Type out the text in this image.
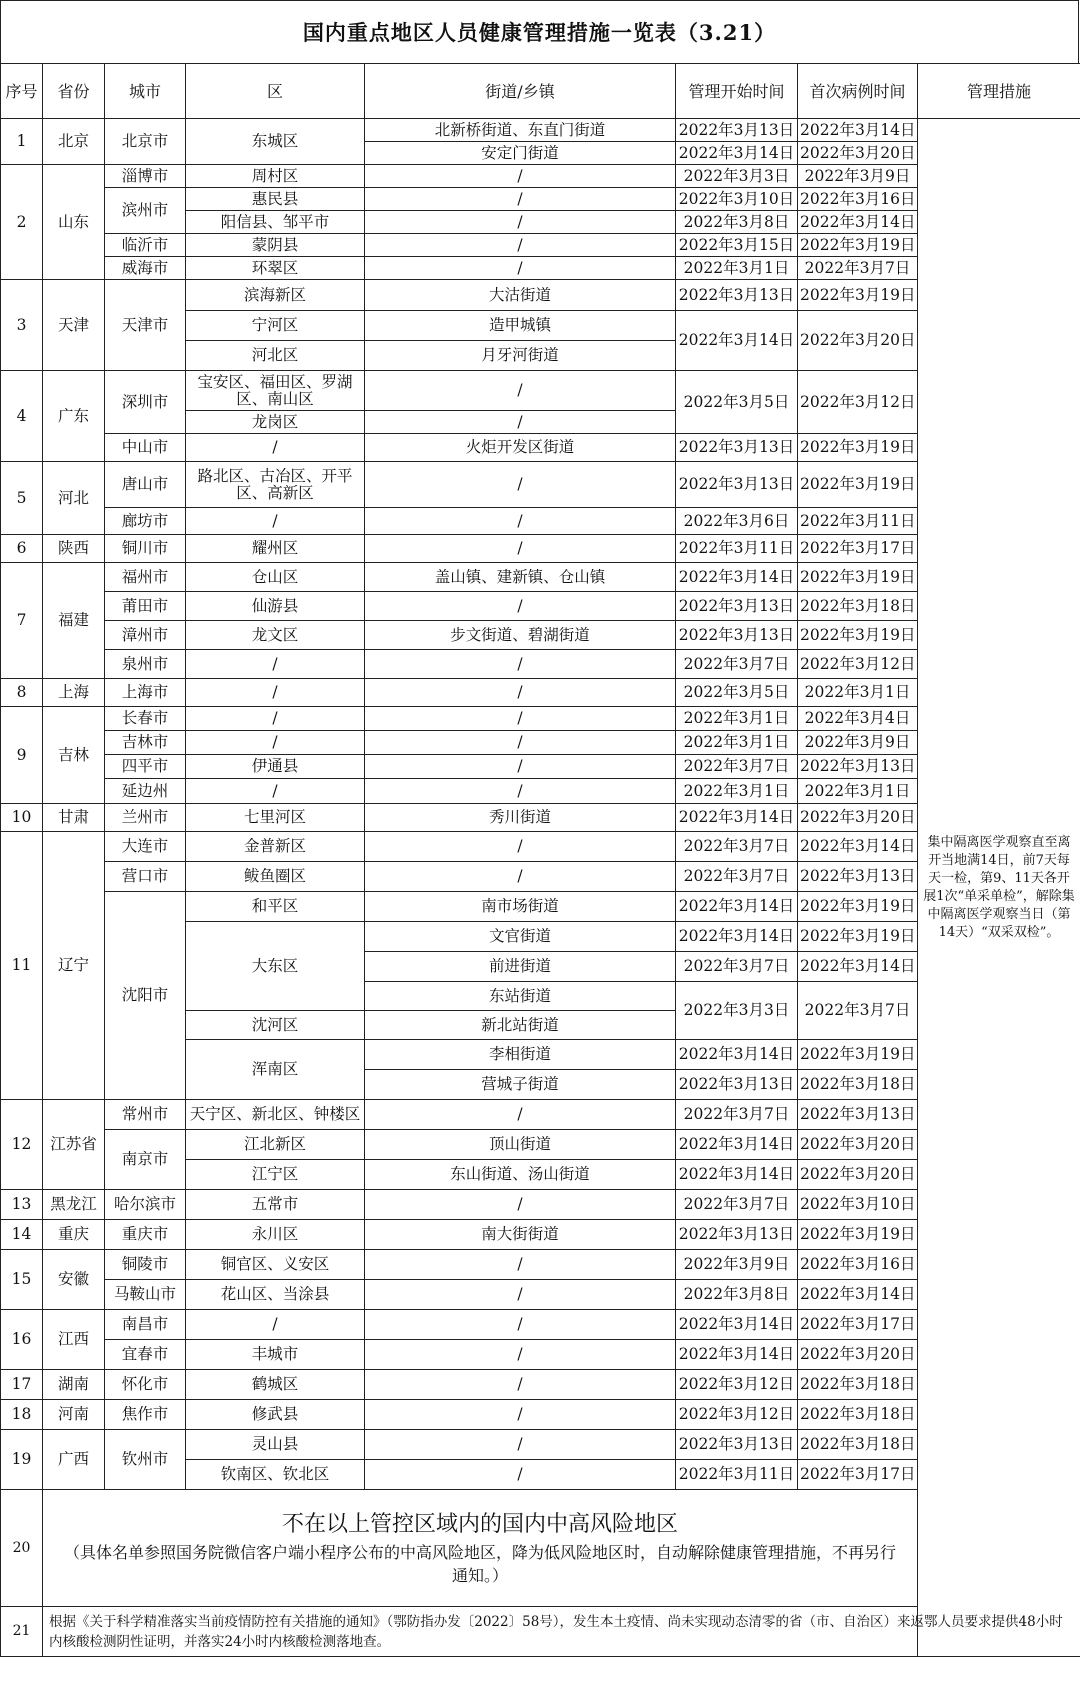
国内重点地区人员健康管理措施一览表（3.21）
序号	省份	城市	区	街道/乡镇	管理开始时间	首次病例时间	管理措施
1	北京	北京市	东城区	北新桥街道、东直门街道	2022年3月13日	2022年3月14日	集中隔离医学观察直至离开当地满14日，前7天每天一检，第9、11天各开展1次“单采单检”，解除集中隔离医学观察当日（第14天）“双采双检”。
				安定门街道	2022年3月14日	2022年3月20日	
2	山东	淄博市	周村区	/	2022年3月3日	2022年3月9日	
		滨州市	惠民县	/	2022年3月10日	2022年3月16日	
			阳信县、邹平市	/	2022年3月8日	2022年3月14日	
		临沂市	蒙阴县	/	2022年3月15日	2022年3月19日	
		威海市	环翠区	/	2022年3月1日	2022年3月7日	
3	天津	天津市	滨海新区	大沽街道	2022年3月13日	2022年3月19日	
			宁河区	造甲城镇	2022年3月14日	2022年3月20日	
			河北区	月牙河街道			
4	广东	深圳市	宝安区、福田区、罗湖区、南山区	/	2022年3月5日	2022年3月12日	
			龙岗区	/			
		中山市	/	火炬开发区街道	2022年3月13日	2022年3月19日	
5	河北	唐山市	路北区、古冶区、开平区、高新区	/	2022年3月13日	2022年3月19日	
		廊坊市	/	/	2022年3月6日	2022年3月11日	
6	陕西	铜川市	耀州区	/	2022年3月11日	2022年3月17日	
7	福建	福州市	仓山区	盖山镇、建新镇、仓山镇	2022年3月14日	2022年3月19日	
		莆田市	仙游县	/	2022年3月13日	2022年3月18日	
		漳州市	龙文区	步文街道、碧湖街道	2022年3月13日	2022年3月19日	
		泉州市	/	/	2022年3月7日	2022年3月12日	
8	上海	上海市	/	/	2022年3月5日	2022年3月1日	
9	吉林	长春市	/	/	2022年3月1日	2022年3月4日	
		吉林市	/	/	2022年3月1日	2022年3月9日	
		四平市	伊通县	/	2022年3月7日	2022年3月13日	
		延边州	/	/	2022年3月1日	2022年3月1日	
10	甘肃	兰州市	七里河区	秀川街道	2022年3月14日	2022年3月20日	
11	辽宁	大连市	金普新区	/	2022年3月7日	2022年3月14日	
		营口市	鲅鱼圈区	/	2022年3月7日	2022年3月13日	
		沈阳市	和平区	南市场街道	2022年3月14日	2022年3月19日	
			大东区	文官街道	2022年3月14日	2022年3月19日	
				前进街道	2022年3月7日	2022年3月14日	
				东站街道	2022年3月3日	2022年3月7日	
			沈河区	新北站街道			
			浑南区	李相街道	2022年3月14日	2022年3月19日	
				营城子街道	2022年3月13日	2022年3月18日	
12	江苏省	常州市	天宁区、新北区、钟楼区	/	2022年3月7日	2022年3月13日	
		南京市	江北新区	顶山街道	2022年3月14日	2022年3月20日	
			江宁区	东山街道、汤山街道	2022年3月14日	2022年3月20日	
13	黑龙江	哈尔滨市	五常市	/	2022年3月7日	2022年3月10日	
14	重庆	重庆市	永川区	南大街街道	2022年3月13日	2022年3月19日	
15	安徽	铜陵市	铜官区、义安区	/	2022年3月9日	2022年3月16日	
		马鞍山市	花山区、当涂县	/	2022年3月8日	2022年3月14日	
16	江西	南昌市	/	/	2022年3月14日	2022年3月17日	
		宜春市	丰城市	/	2022年3月14日	2022年3月20日	
17	湖南	怀化市	鹤城区	/	2022年3月12日	2022年3月18日	
18	河南	焦作市	修武县	/	2022年3月12日	2022年3月18日	
19	广西	钦州市	灵山县	/	2022年3月13日	2022年3月18日	
			钦南区、钦北区	/	2022年3月11日	2022年3月17日	
20	不在以上管控区域内的国内中高风险地区
（具体名单参照国务院微信客户端小程序公布的中高风险地区，降为低风险地区时，自动解除健康管理措施，不再另行通知。）						

21	根据《关于科学精准落实当前疫情防控有关措施的通知》（鄂防指办发〔2022〕58号），发生本土疫情、尚未实现动态清零的省（市、自治区）来返鄂人员要求提供48小时内核酸检测阴性证明，并落实24小时内核酸检测落地查。						
